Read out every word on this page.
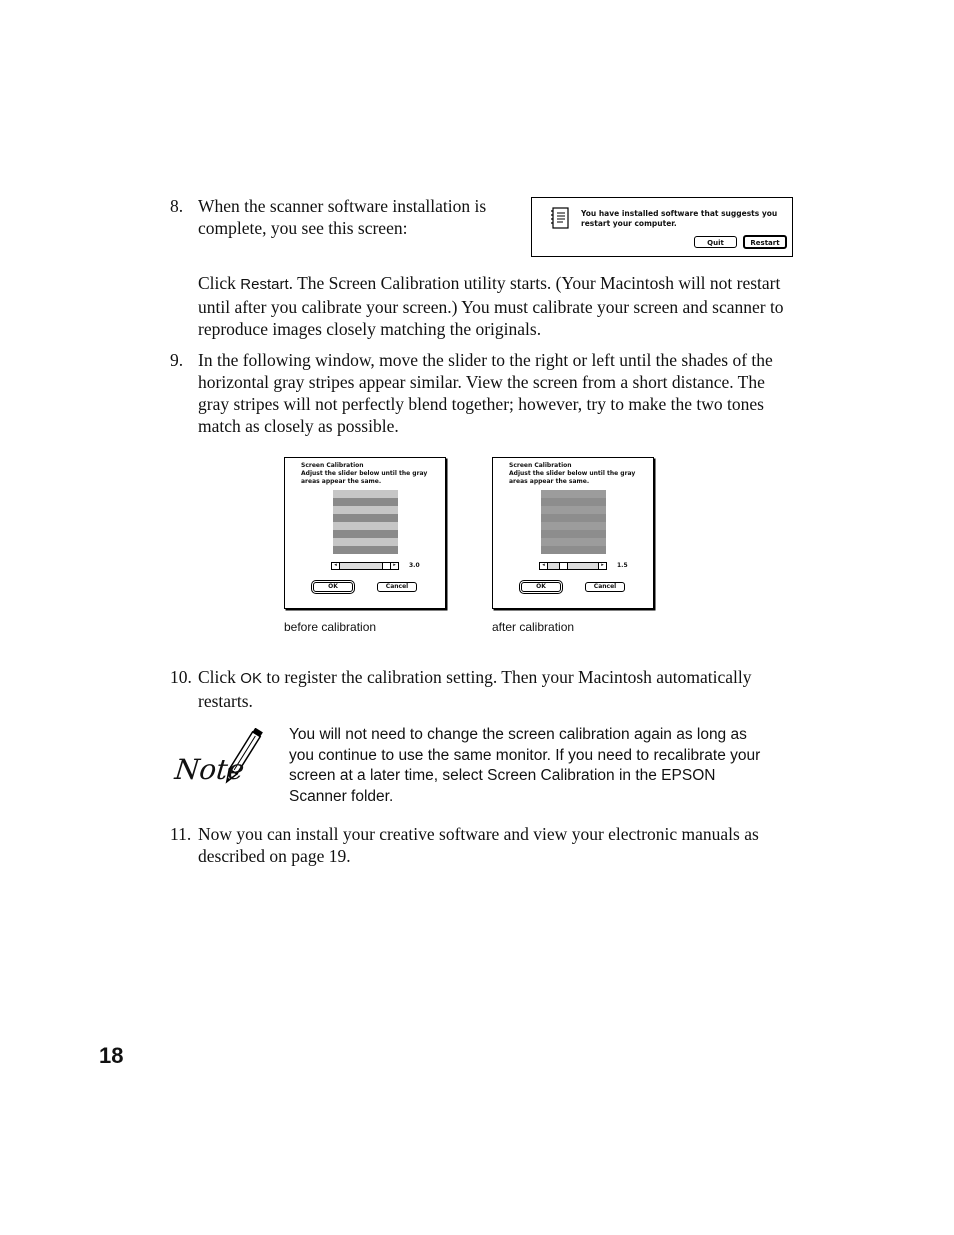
8. When the scanner software installation is
complete, you see this screen:
You have installed software that suggests you
restart your computer.
Quit	Restart
Click Restart. The Screen Calibration utility starts. (Your Macintosh will not restart until after you calibrate your screen.) You must calibrate your screen and scanner to reproduce images closely matching the originals.
9. In the following window, move the slider to the right or left until the shades of the horizontal gray stripes appear similar. View the screen from a short distance. The gray stripes will not perfectly blend together; however, try to make the two tones match as closely as possible.
Screen Calibration
Adjust the slider below until the gray
areas appear the same.
◂	▸	3.0
OK	Cancel
Screen Calibration
Adjust the slider below until the gray
areas appear the same.
◂	▸	1.5
OK	Cancel
before calibration	after calibration
10. Click OK to register the calibration setting. Then your Macintosh automatically restarts.
Note
You will not need to change the screen calibration again as long as you continue to use the same monitor. If you need to recalibrate your screen at a later time, select Screen Calibration in the EPSON Scanner folder.
11. Now you can install your creative software and view your electronic manuals as described on page 19.
18
